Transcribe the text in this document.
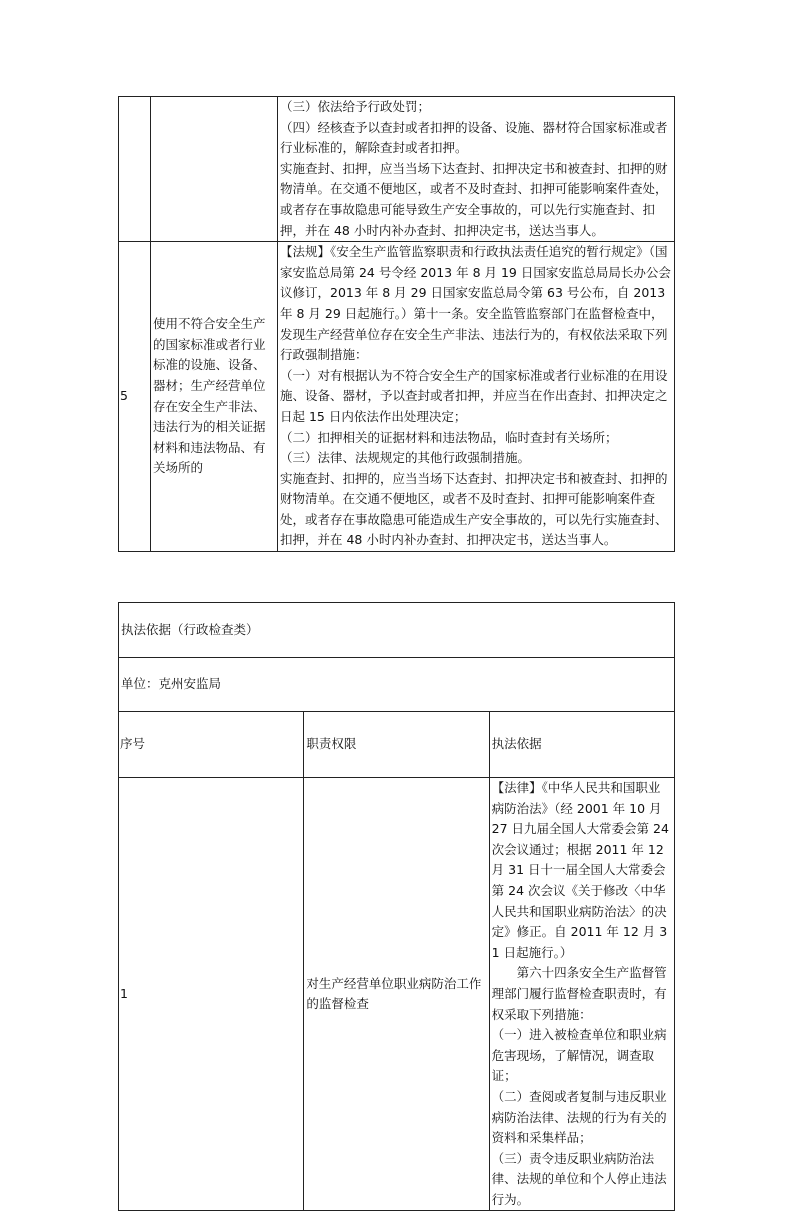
		（三）依法给予行政处罚；
（四）经核查予以查封或者扣押的设备、设施、器材符合国家标准或者行业标准的，解除查封或者扣押。
实施查封、扣押，应当当场下达查封、扣押决定书和被查封、扣押的财物清单。在交通不便地区，或者不及时查封、扣押可能影响案件查处，或者存在事故隐患可能导致生产安全事故的，可以先行实施查封、扣押，并在 48 小时内补办查封、扣押决定书，送达当事人。

5	使用不符合安全生产的国家标准或者行业标准的设施、设备、器材；生产经营单位存在安全生产非法、违法行为的相关证据材料和违法物品、有关场所的	【法规】《安全生产监管监察职责和行政执法责任追究的暂行规定》（国家安监总局第 24 号令经 2013 年 8 月 19 日国家安监总局局长办公会议修订，2013 年 8 月 29 日国家安监总局令第 63 号公布，自 2013 年 8 月 29 日起施行。）第十一条。安全监管监察部门在监督检查中，发现生产经营单位存在安全生产非法、违法行为的，有权依法采取下列行政强制措施：
（一）对有根据认为不符合安全生产的国家标准或者行业标准的在用设施、设备、器材，予以查封或者扣押，并应当在作出查封、扣押决定之日起 15 日内依法作出处理决定；
（二）扣押相关的证据材料和违法物品，临时查封有关场所；
（三）法律、法规规定的其他行政强制措施。
实施查封、扣押的，应当当场下达查封、扣押决定书和被查封、扣押的财物清单。在交通不便地区，或者不及时查封、扣押可能影响案件查处，或者存在事故隐患可能造成生产安全事故的，可以先行实施查封、扣押，并在 48 小时内补办查封、扣押决定书，送达当事人。
执法依据（行政检查类）		
单位：克州安监局		
序号	职责权限	执法依据
1	对生产经营单位职业病防治工作的监督检查	【法律】《中华人民共和国职业病防治法》（经 2001 年 10 月 27 日九届全国人大常委会第 24 次会议通过；根据 2011 年 12 月 31 日十一届全国人大常委会第 24 次会议《关于修改〈中华人民共和国职业病防治法〉的决定》修正。自 2011 年 12 月 31 日起施行。）
第六十四条安全生产监督管理部门履行监督检查职责时，有权采取下列措施：
（一）进入被检查单位和职业病危害现场，了解情况，调查取证；
（二）查阅或者复制与违反职业病防治法律、法规的行为有关的资料和采集样品；
（三）责令违反职业病防治法律、法规的单位和个人停止违法行为。
